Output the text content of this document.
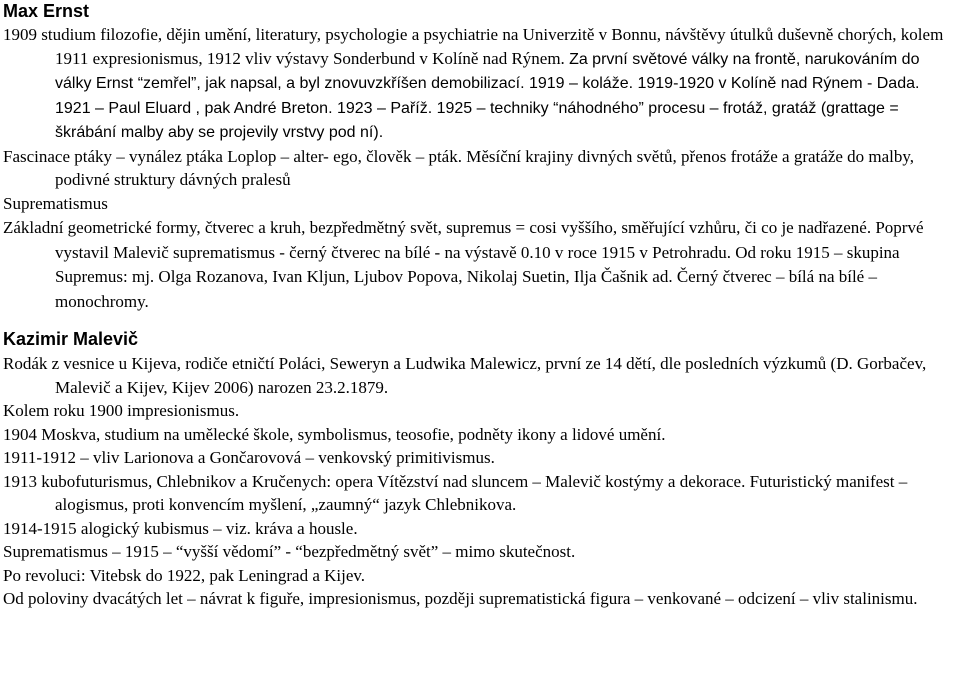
Max Ernst

1909 studium filozofie, dějin umění, literatury, psychologie a psychiatrie na Univerzitě v Bonnu, návštěvy útulků duševně chorých, kolem 1911 expresionismus, 1912 vliv výstavy Sonderbund v Kolíně nad Rýnem. Za první světové války na frontě, narukováním do války Ernst “zemřel”, jak napsal, a byl znovuvzkříšen demobilizací. 1919 – koláže. 1919-1920 v Kolíně nad Rýnem - Dada. 1921 – Paul Eluard , pak André Breton. 1923 – Paříž. 1925 – techniky “náhodného” procesu – frotáž, gratáž (grattage = škrábání malby aby se projevily vrstvy pod ní).

Fascinace ptáky – vynález ptáka Loplop – alter- ego, člověk – pták. Měsíční krajiny divných světů, přenos frotáže a gratáže do malby, podivné struktury dávných pralesů

Suprematismus

Základní geometrické formy, čtverec a kruh, bezpředmětný svět, supremus = cosi vyššího, směřující vzhůru, či co je nadřazené. Poprvé vystavil Malevič suprematismus - černý čtverec na bílé - na výstavě 0.10 v roce 1915 v Petrohradu. Od roku 1915 – skupina Supremus: mj. Olga Rozanova, Ivan Kljun, Ljubov Popova, Nikolaj Suetin, Ilja Čašnik ad. Černý čtverec – bílá na bílé – monochromy.

Kazimir Malevič

Rodák z vesnice u Kijeva, rodiče etničtí Poláci, Seweryn a Ludwika Malewicz, první ze 14 dětí, dle posledních výzkumů (D. Gorbačev, Malevič a Kijev, Kijev 2006) narozen 23.2.1879.

Kolem roku 1900 impresionismus.

1904 Moskva, studium na umělecké škole, symbolismus, teosofie, podněty ikony a lidové umění.

1911-1912 – vliv Larionova a Gončarovová – venkovský primitivismus.

1913 kubofuturismus, Chlebnikov a Kručenych: opera Vítězství nad sluncem – Malevič kostýmy a dekorace. Futuristický manifest – alogismus, proti konvencím myšlení, „zaumný“ jazyk Chlebnikova.

1914-1915 alogický kubismus – viz. kráva a housle.

Suprematismus – 1915 – “vyšší vědomí” - “bezpředmětný svět” – mimo skutečnost.

Po revoluci: Vitebsk do 1922, pak Leningrad a Kijev.

Od poloviny dvacátých let – návrat k figuře, impresionismus, později suprematistická figura – venkované – odcizení – vliv stalinismu.
